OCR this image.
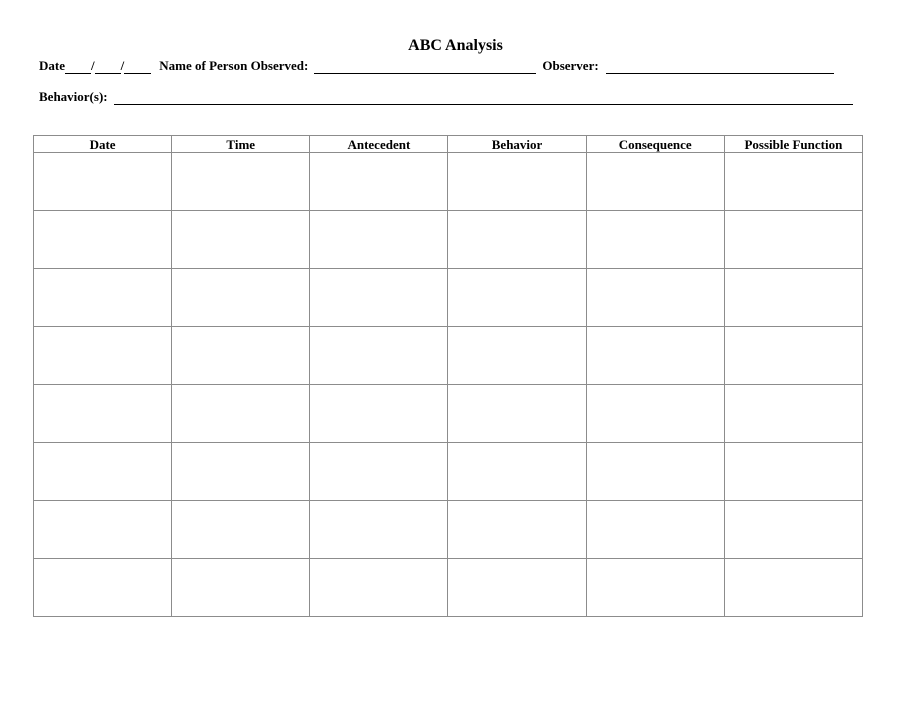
ABC Analysis
Date / /	Name of Person Observed:	Observer:
Behavior(s):
Date	Time	Antecedent	Behavior	Consequence	Possible Function
